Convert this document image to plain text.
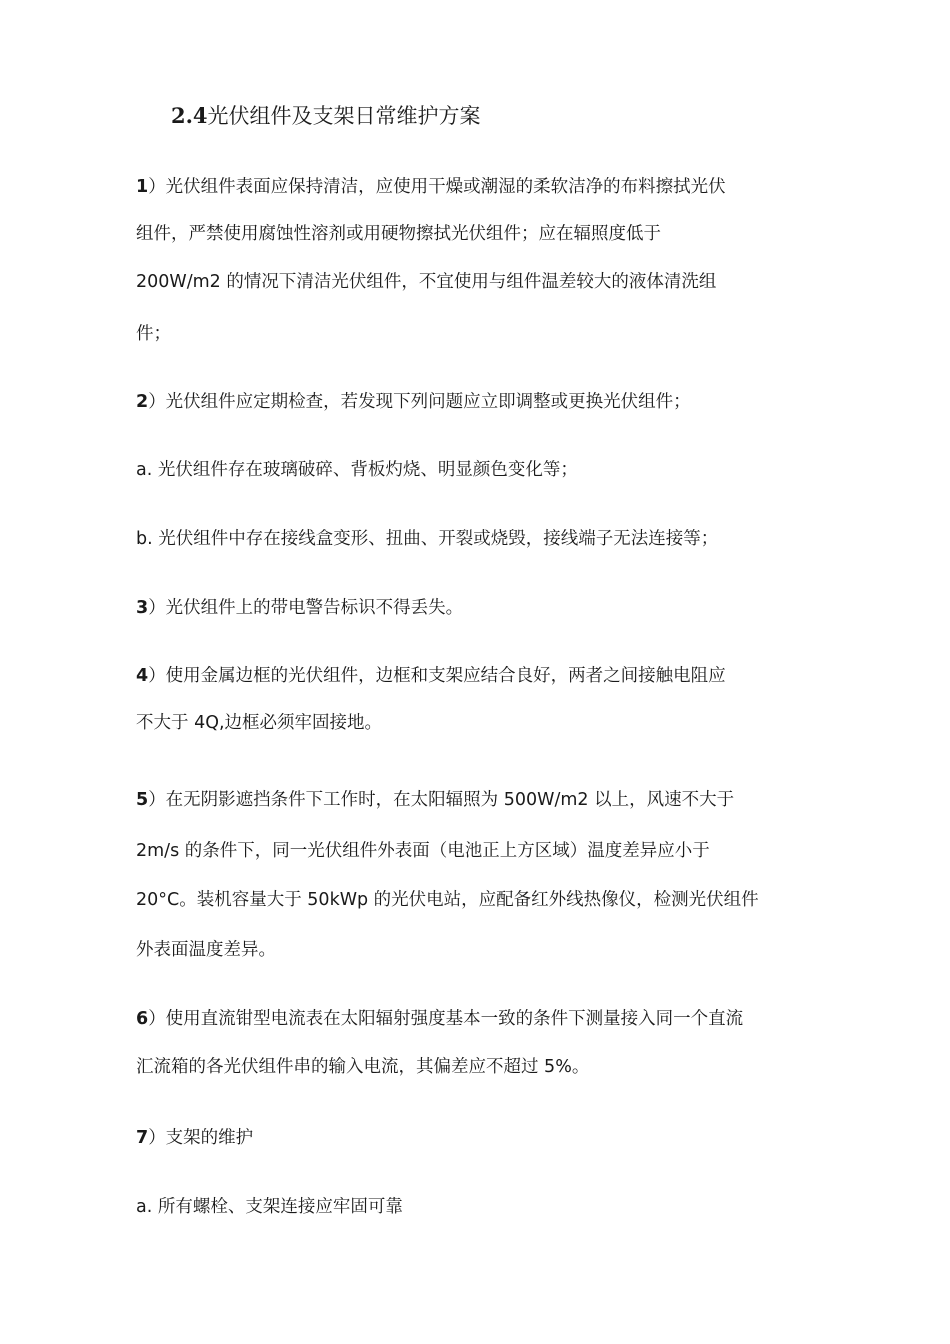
2.4光伏组件及支架日常维护方案
1）光伏组件表面应保持清洁，应使用干燥或潮湿的柔软洁净的布料擦拭光伏
组件，严禁使用腐蚀性溶剂或用硬物擦拭光伏组件；应在辐照度低于
200W/m2 的情况下清洁光伏组件，不宜使用与组件温差较大的液体清洗组
件；
2）光伏组件应定期检查，若发现下列问题应立即调整或更换光伏组件；
a. 光伏组件存在玻璃破碎、背板灼烧、明显颜色变化等；
b. 光伏组件中存在接线盒变形、扭曲、开裂或烧毁，接线端子无法连接等；
3）光伏组件上的带电警告标识不得丢失。
4）使用金属边框的光伏组件，边框和支架应结合良好，两者之间接触电阻应
不大于 4Q,边框必须牢固接地。
5）在无阴影遮挡条件下工作时，在太阳辐照为 500W/m2 以上，风速不大于
2m/s 的条件下，同一光伏组件外表面（电池正上方区域）温度差异应小于
20°C。装机容量大于 50kWp 的光伏电站，应配备红外线热像仪，检测光伏组件
外表面温度差异。
6）使用直流钳型电流表在太阳辐射强度基本一致的条件下测量接入同一个直流
汇流箱的各光伏组件串的输入电流，其偏差应不超过 5%。
7）支架的维护
a. 所有螺栓、支架连接应牢固可靠
